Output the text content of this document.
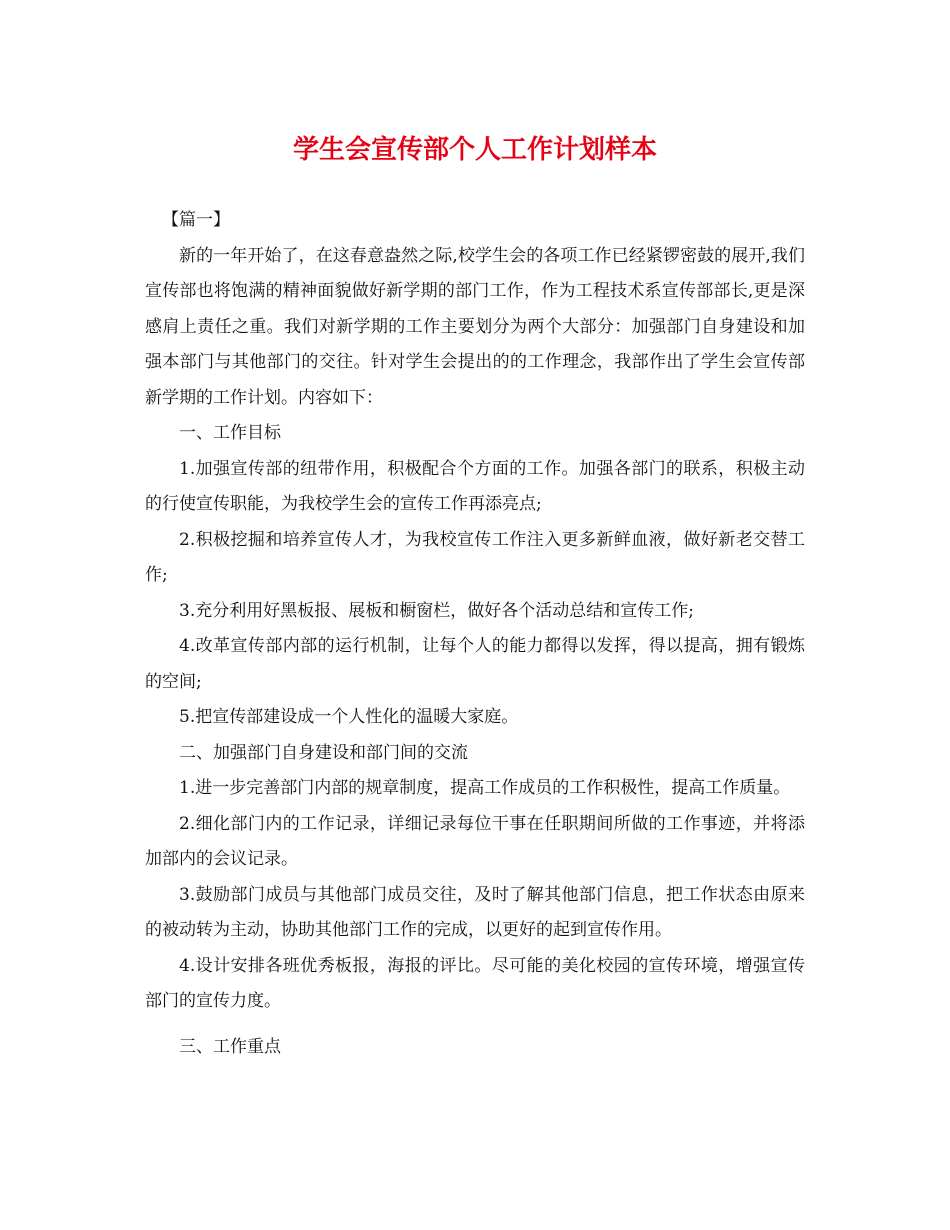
学生会宣传部个人工作计划样本

【篇一】

新的一年开始了，在这春意盎然之际,校学生会的各项工作已经紧锣密鼓的展开,我们宣传部也将饱满的精神面貌做好新学期的部门工作，作为工程技术系宣传部部长,更是深感肩上责任之重。我们对新学期的工作主要划分为两个大部分：加强部门自身建设和加强本部门与其他部门的交往。针对学生会提出的的工作理念，我部作出了学生会宣传部新学期的工作计划。内容如下：

一、工作目标

1.加强宣传部的纽带作用，积极配合个方面的工作。加强各部门的联系，积极主动的行使宣传职能，为我校学生会的宣传工作再添亮点;

2.积极挖掘和培养宣传人才，为我校宣传工作注入更多新鲜血液，做好新老交替工作;

3.充分利用好黑板报、展板和橱窗栏，做好各个活动总结和宣传工作;

4.改革宣传部内部的运行机制，让每个人的能力都得以发挥，得以提高，拥有锻炼的空间;

5.把宣传部建设成一个人性化的温暖大家庭。

二、加强部门自身建设和部门间的交流

1.进一步完善部门内部的规章制度，提高工作成员的工作积极性，提高工作质量。

2.细化部门内的工作记录，详细记录每位干事在任职期间所做的工作事迹，并将添加部内的会议记录。

3.鼓励部门成员与其他部门成员交往，及时了解其他部门信息，把工作状态由原来的被动转为主动，协助其他部门工作的完成，以更好的起到宣传作用。

4.设计安排各班优秀板报，海报的评比。尽可能的美化校园的宣传环境，增强宣传部门的宣传力度。

三、工作重点
